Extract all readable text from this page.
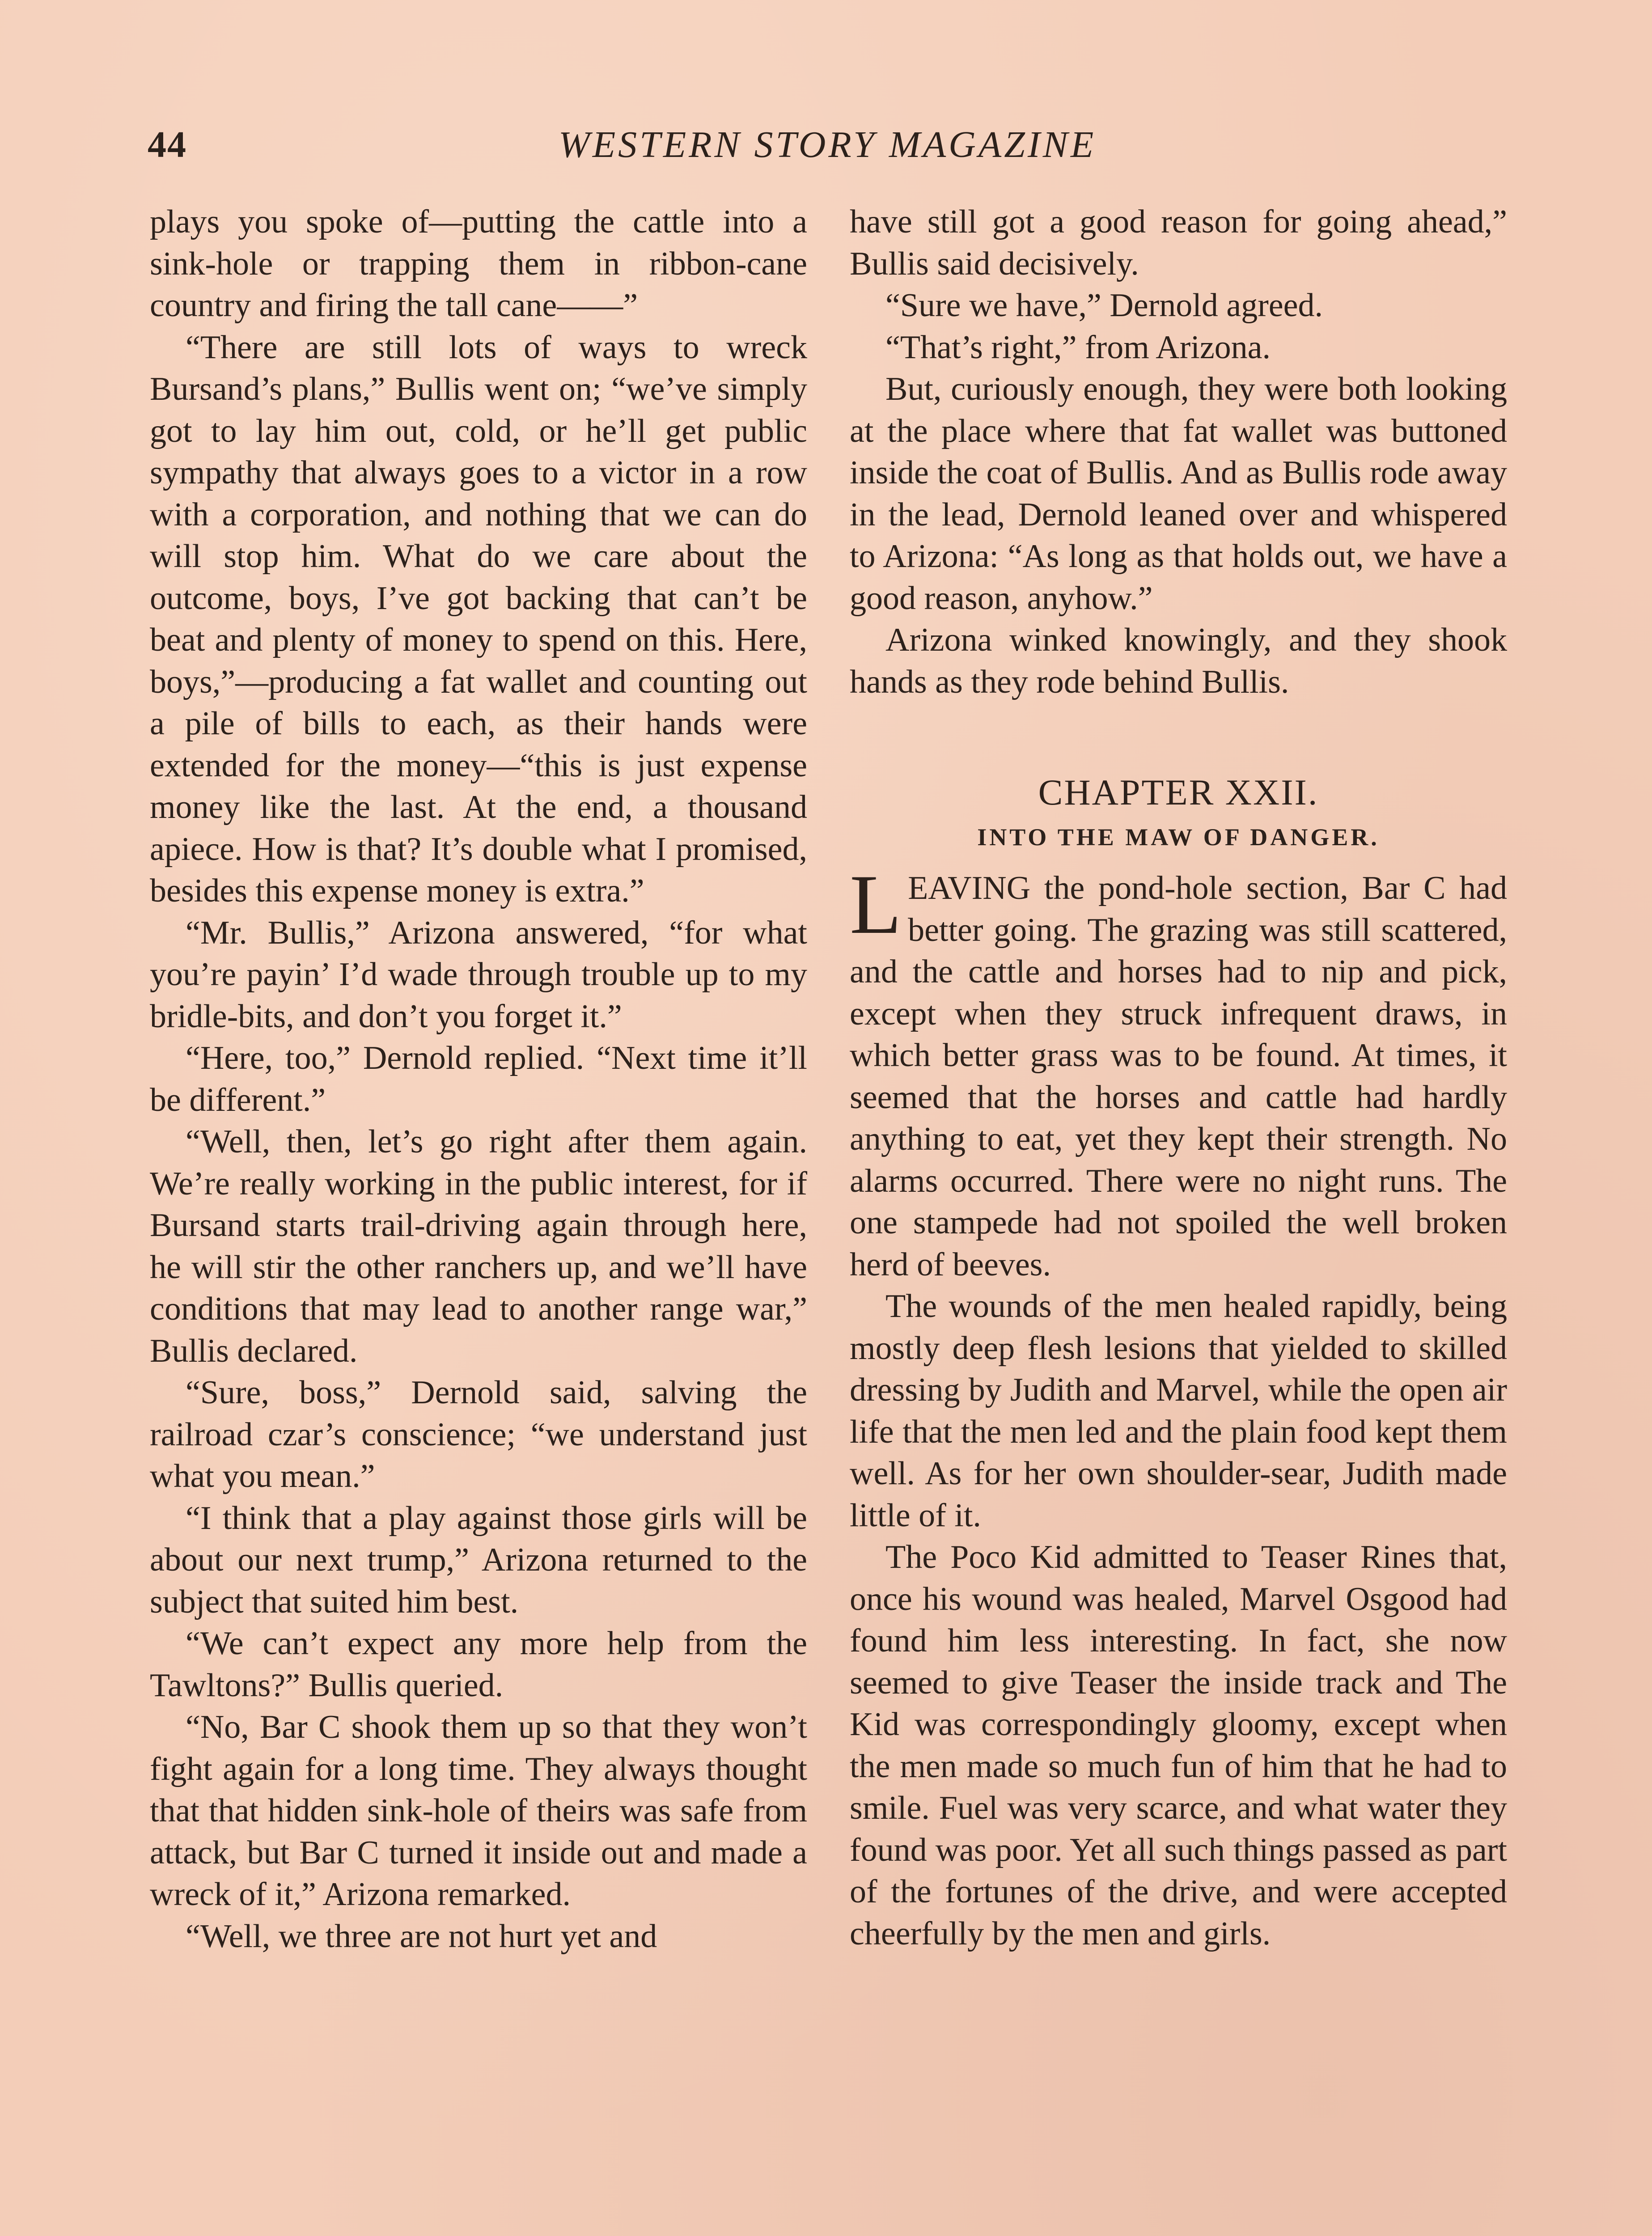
44	WESTERN STORY MAGAZINE

plays you spoke of—putting the cattle into a sink-hole or trapping them in ribbon-cane country and firing the tall cane——”

“There are still lots of ways to wreck Bursand’s plans,” Bullis went on; “we’ve simply got to lay him out, cold, or he’ll get public sympathy that always goes to a victor in a row with a corporation, and nothing that we can do will stop him. What do we care about the outcome, boys, I’ve got backing that can’t be beat and plenty of money to spend on this. Here, boys,”—producing a fat wallet and counting out a pile of bills to each, as their hands were extended for the money—“this is just expense money like the last. At the end, a thousand apiece. How is that? It’s double what I promised, besides this expense money is extra.”

“Mr. Bullis,” Arizona answered, “for what you’re payin’ I’d wade through trouble up to my bridle-bits, and don’t you forget it.”

“Here, too,” Dernold replied. “Next time it’ll be different.”

“Well, then, let’s go right after them again. We’re really working in the public interest, for if Bursand starts trail-driving again through here, he will stir the other ranchers up, and we’ll have conditions that may lead to another range war,” Bullis declared.

“Sure, boss,” Dernold said, salving the railroad czar’s conscience; “we understand just what you mean.”

“I think that a play against those girls will be about our next trump,” Arizona returned to the subject that suited him best.

“We can’t expect any more help from the Tawltons?” Bullis queried.

“No, Bar C shook them up so that they won’t fight again for a long time. They always thought that that hidden sink-hole of theirs was safe from attack, but Bar C turned it inside out and made a wreck of it,” Arizona remarked.

“Well, we three are not hurt yet and

have still got a good reason for going ahead,” Bullis said decisively.

“Sure we have,” Dernold agreed.

“That’s right,” from Arizona.

But, curiously enough, they were both looking at the place where that fat wallet was buttoned inside the coat of Bullis. And as Bullis rode away in the lead, Dernold leaned over and whispered to Arizona: “As long as that holds out, we have a good reason, anyhow.”

Arizona winked knowingly, and they shook hands as they rode behind Bullis.

CHAPTER XXII.
INTO THE MAW OF DANGER.

LEAVING the pond-hole section, Bar C had better going. The grazing was still scattered, and the cattle and horses had to nip and pick, except when they struck infrequent draws, in which better grass was to be found. At times, it seemed that the horses and cattle had hardly anything to eat, yet they kept their strength. No alarms occurred. There were no night runs. The one stampede had not spoiled the well broken herd of beeves.

The wounds of the men healed rapidly, being mostly deep flesh lesions that yielded to skilled dressing by Judith and Marvel, while the open air life that the men led and the plain food kept them well. As for her own shoulder-sear, Judith made little of it.

The Poco Kid admitted to Teaser Rines that, once his wound was healed, Marvel Osgood had found him less interesting. In fact, she now seemed to give Teaser the inside track and The Kid was correspondingly gloomy, except when the men made so much fun of him that he had to smile. Fuel was very scarce, and what water they found was poor. Yet all such things passed as part of the fortunes of the drive, and were accepted cheerfully by the men and girls.
